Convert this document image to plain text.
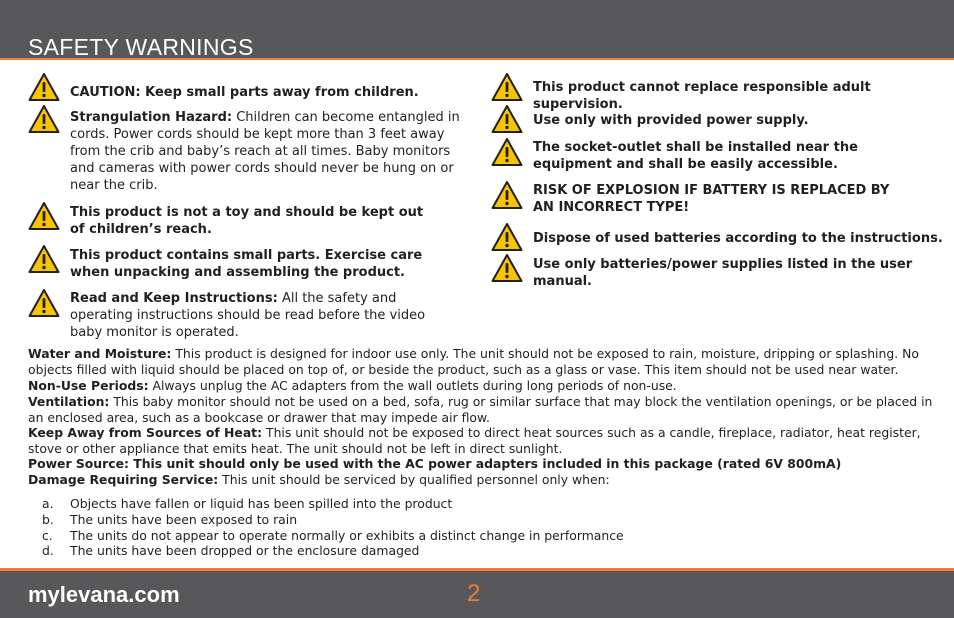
SAFETY WARNINGS
CAUTION: Keep small parts away from children.
Strangulation Hazard: Children can become entangled in cords. Power cords should be kept more than 3 feet away from the crib and baby’s reach at all times. Baby monitors and cameras with power cords should never be hung on or near the crib.
This product is not a toy and should be kept out of children’s reach.
This product contains small parts. Exercise care when unpacking and assembling the product.
Read and Keep Instructions: All the safety and operating instructions should be read before the video baby monitor is operated.
This product cannot replace responsible adult supervision.
Use only with provided power supply.
The socket-outlet shall be installed near the equipment and shall be easily accessible.
RISK OF EXPLOSION IF BATTERY IS REPLACED BY AN INCORRECT TYPE!
Dispose of used batteries according to the instructions.
Use only batteries/power supplies listed in the user manual.
Water and Moisture: This product is designed for indoor use only. The unit should not be exposed to rain, moisture, dripping or splashing. No objects filled with liquid should be placed on top of, or beside the product, such as a glass or vase. This item should not be used near water.
Non-Use Periods: Always unplug the AC adapters from the wall outlets during long periods of non-use.
Ventilation: This baby monitor should not be used on a bed, sofa, rug or similar surface that may block the ventilation openings, or be placed in an enclosed area, such as a bookcase or drawer that may impede air flow.
Keep Away from Sources of Heat: This unit should not be exposed to direct heat sources such as a candle, fireplace, radiator, heat register, stove or other appliance that emits heat. The unit should not be left in direct sunlight.
Power Source: This unit should only be used with the AC power adapters included in this package (rated 6V 800mA)
Damage Requiring Service: This unit should be serviced by qualified personnel only when:
a. Objects have fallen or liquid has been spilled into the product
b. The units have been exposed to rain
c. The units do not appear to operate normally or exhibits a distinct change in performance
d. The units have been dropped or the enclosure damaged
mylevana.com	2
